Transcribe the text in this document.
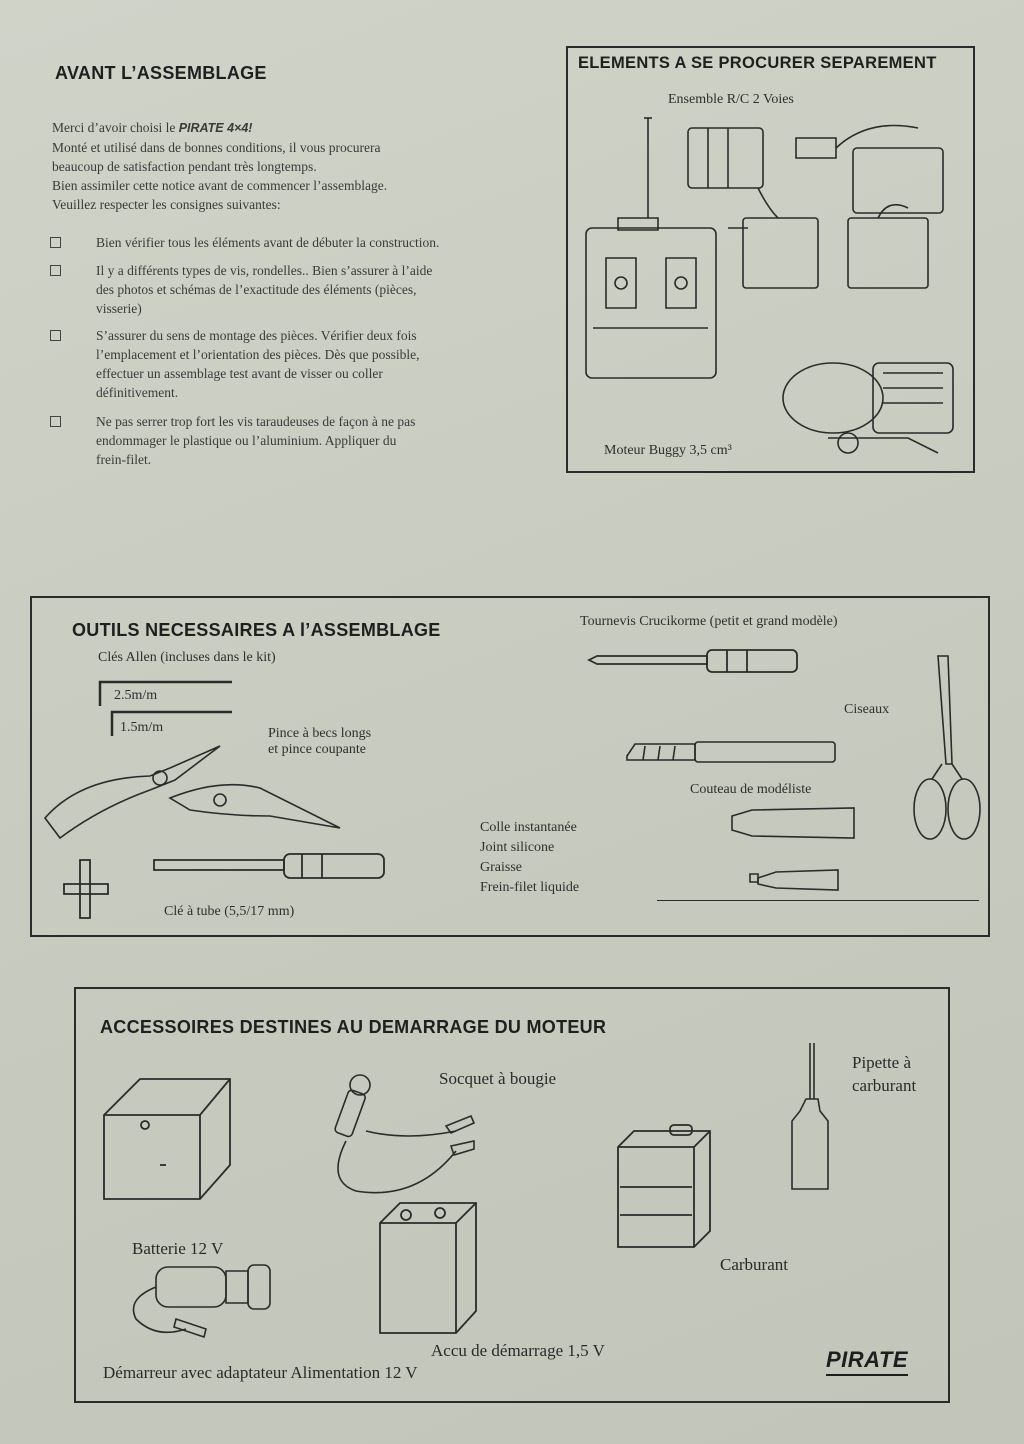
AVANT L’ASSEMBLAGE

Merci d’avoir choisi le PIRATE 4×4!

Monté et utilisé dans de bonnes conditions, il vous procurera

beaucoup de satisfaction pendant très longtemps.

Bien assimiler cette notice avant de commencer l’assemblage.

Veuillez respecter les consignes suivantes:

Bien vérifier tous les éléments avant de débuter la construction.
Il y a différents types de vis, rondelles.. Bien s’assurer à l’aide
des photos et schémas de l’exactitude des éléments (pièces,
visserie)
S’assurer du sens de montage des pièces. Vérifier deux fois
l’emplacement et l’orientation des pièces. Dès que possible,
effectuer un assemblage test avant de visser ou coller
définitivement.
Ne pas serrer trop fort les vis taraudeuses de façon à ne pas
endommager le plastique ou l’aluminium. Appliquer du
frein-filet.
ELEMENTS A SE PROCURER SEPAREMENT
Ensemble R/C 2 Voies
Moteur Buggy 3,5 cm³
OUTILS NECESSAIRES A l’ASSEMBLAGE
Clés Allen (incluses dans le kit)
2.5m/m
1.5m/m	Pince à becs longs
et pince coupante
Clé à tube (5,5/17 mm)
Tournevis Crucikorme (petit et grand modèle)
Ciseaux
Couteau de modéliste
Colle instantanée
Joint silicone
Graisse
Frein-filet liquide
ACCESSOIRES DESTINES AU DEMARRAGE DU MOTEUR
Batterie 12 V
Socquet à bougie
Carburant
Pipette à
carburant
Accu de démarrage 1,5 V
Démarreur avec adaptateur Alimentation 12 V
PIRATE
